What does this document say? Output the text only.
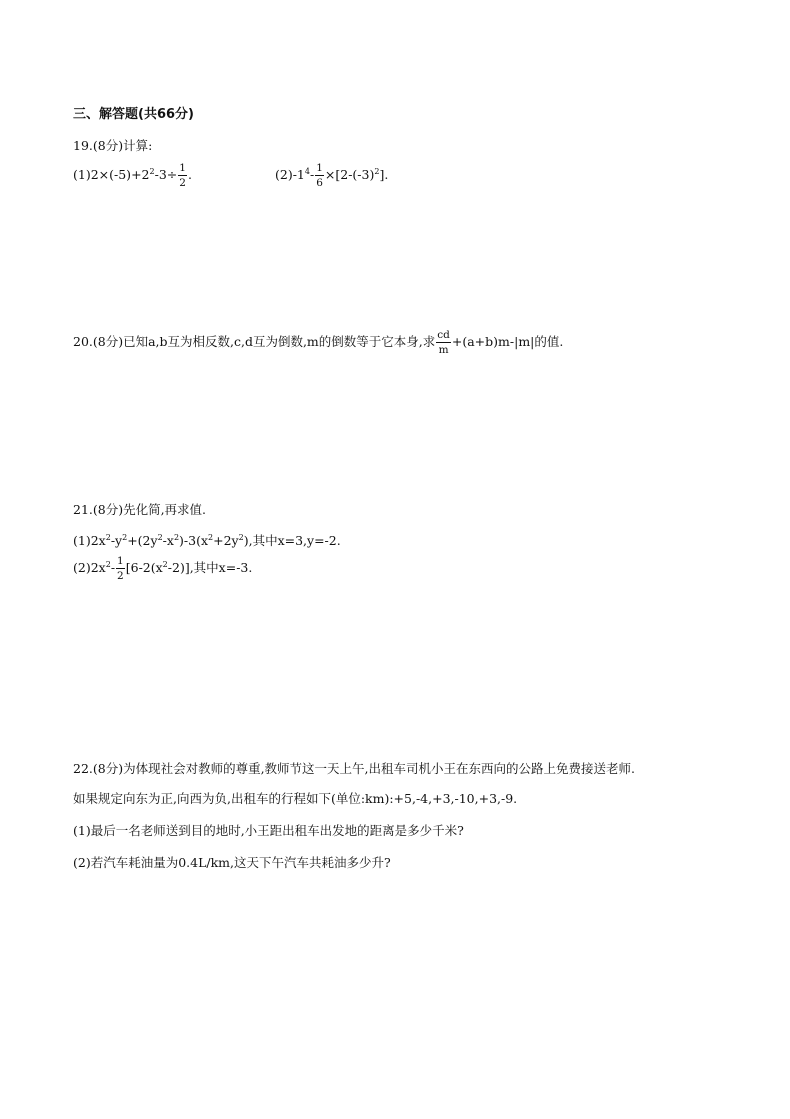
三、解答题(共66分)
19.(8分)计算:
$(1)2\times(-5)+2^2-3\div \frac{1}{2}$ .	$(2)-1^4- \frac{1}{6} \times[2-(-3)^2]$.
20.(8分)已知a,b互为相反数,c,d互为倒数,m的倒数等于它本身,求 $\frac{cd}{m} +(a+b)m-|m|$的值.
21.(8分)先化简,再求值.
$(1)2x^2-y^2+(2y^2-x^2)-3(x^2+2y^2)$,其中x=3,y=-2.
$(2)2x^2- \frac{1}{2} [6-2(x^2-2)]$,其中x=-3.
22.(8分)为体现社会对教师的尊重,教师节这一天上午,出租车司机小王在东西向的公路上免费接送老师.
如果规定向东为正,向西为负,出租车的行程如下(单位:km):+5,-4,+3,-10,+3,-9.
(1)最后一名老师送到目的地时,小王距出租车出发地的距离是多少千米?
(2)若汽车耗油量为0.4L/km,这天下午汽车共耗油多少升?
